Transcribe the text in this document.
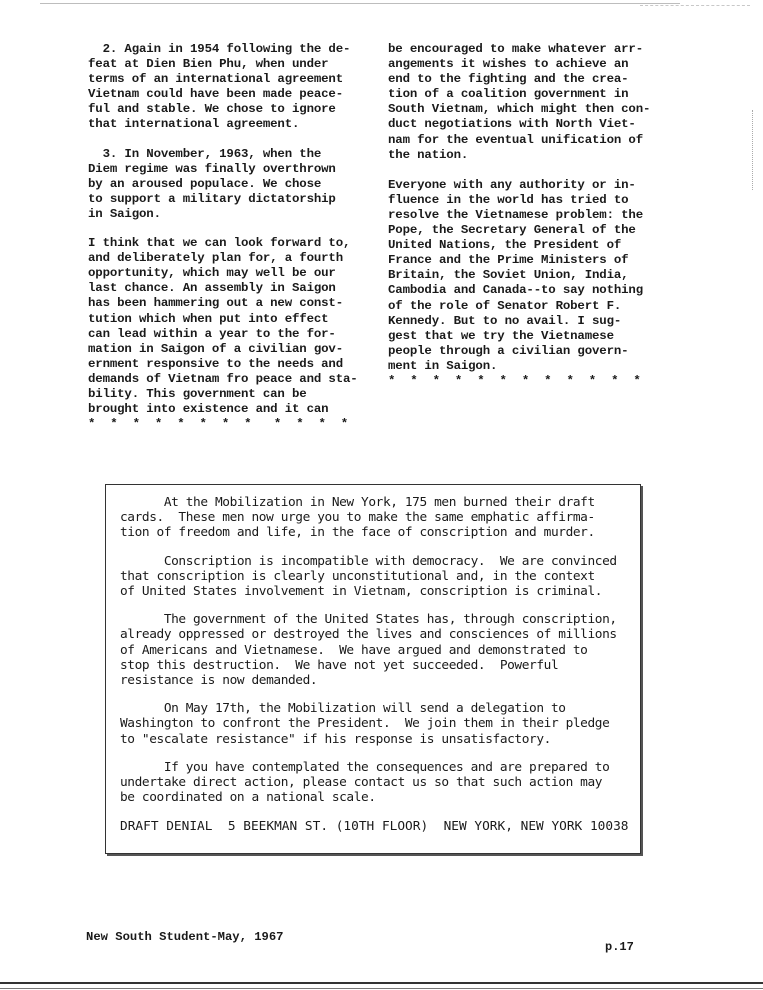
2. Again in 1954 following the de-
feat at Dien Bien Phu, when under
terms of an international agreement
Vietnam could have been made peace-
ful and stable. We chose to ignore
that international agreement.

3. In November, 1963, when the
Diem regime was finally overthrown
by an aroused populace. We chose
to support a military dictatorship
in Saigon.

I think that we can look forward to,
and deliberately plan for, a fourth
opportunity, which may well be our
last chance. An assembly in Saigon
has been hammering out a new const-
tution which when put into effect
can lead within a year to the for-
mation in Saigon of a civilian gov-
ernment responsive to the needs and
demands of Vietnam fro peace and sta-
bility. This government can be
brought into existence and it can

*  *  *  *  *  *  *  *   *  *  *  *

be encouraged to make whatever arr-
angements it wishes to achieve an
end to the fighting and the crea-
tion of a coalition government in
South Vietnam, which might then con-
duct negotiations with North Viet-
nam for the eventual unification of
the nation.

Everyone with any authority or in-
fluence in the world has tried to
resolve the Vietnamese problem: the
Pope, the Secretary General of the
United Nations, the President of
France and the Prime Ministers of
Britain, the Soviet Union, India,
Cambodia and Canada--to say nothing
of the role of Senator Robert F.
Kennedy. But to no avail. I sug-
gest that we try the Vietnamese
people through a civilian govern-
ment in Saigon.

*  *  *  *  *  *  *  *  *  *  *  *

At the Mobilization in New York, 175 men burned their draft
cards.  These men now urge you to make the same emphatic affirma-
tion of freedom and life, in the face of conscription and murder.

Conscription is incompatible with democracy.  We are convinced
that conscription is clearly unconstitutional and, in the context
of United States involvement in Vietnam, conscription is criminal.

The government of the United States has, through conscription,
already oppressed or destroyed the lives and consciences of millions
of Americans and Vietnamese.  We have argued and demonstrated to
stop this destruction.  We have not yet succeeded.  Powerful
resistance is now demanded.

On May 17th, the Mobilization will send a delegation to
Washington to confront the President.  We join them in their pledge
to "escalate resistance" if his response is unsatisfactory.

If you have contemplated the consequences and are prepared to
undertake direct action, please contact us so that such action may
be coordinated on a national scale.

DRAFT DENIAL  5 BEEKMAN ST. (10TH FLOOR)  NEW YORK, NEW YORK 10038

New South Student-May, 1967
p.17
